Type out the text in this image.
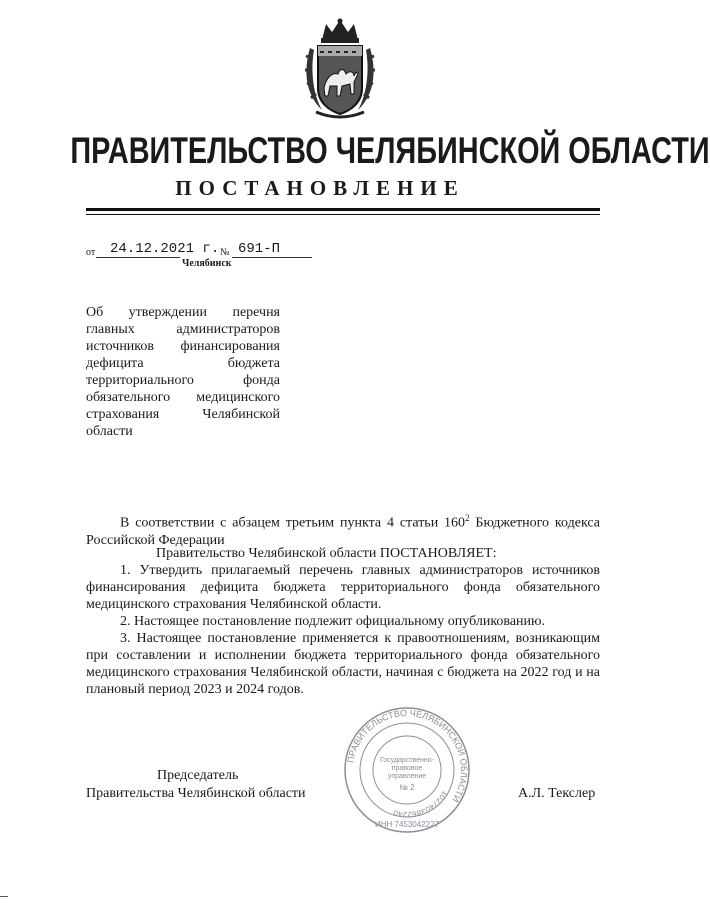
ПРАВИТЕЛЬСТВО ЧЕЛЯБИНСКОЙ ОБЛАСТИ
ПОСТАНОВЛЕНИЕ
от 24.12.2021 г. № 691-П
Челябинск
Об утверждении перечня главных администраторов источников финансирования дефицита бюджета территориального фонда обязательного медицинского страхования Челябинской области
В соответствии с абзацем третьим пункта 4 статьи $160^2$ Бюджетного кодекса Российской Федерации
Правительство Челябинской области ПОСТАНОВЛЯЕТ:
1. Утвердить прилагаемый перечень главных администраторов источников финансирования дефицита бюджета территориального фонда обязательного медицинского страхования Челябинской области.
2. Настоящее постановление подлежит официальному опубликованию.
3. Настоящее постановление применяется к правоотношениям, возникающим при составлении и исполнении бюджета территориального фонда обязательного медицинского страхования Челябинской области, начиная с бюджета на 2022 год и на плановый период 2023 и 2024 годов.
Председатель
Правительства Челябинской области	А.Л. Текслер
ПРАВИТЕЛЬСТВО ЧЕЛЯБИНСКОЙ ОБЛАСТИ
1027403862240
ИНН 7453042227
Государственно-
правовое
управление
№ 2
